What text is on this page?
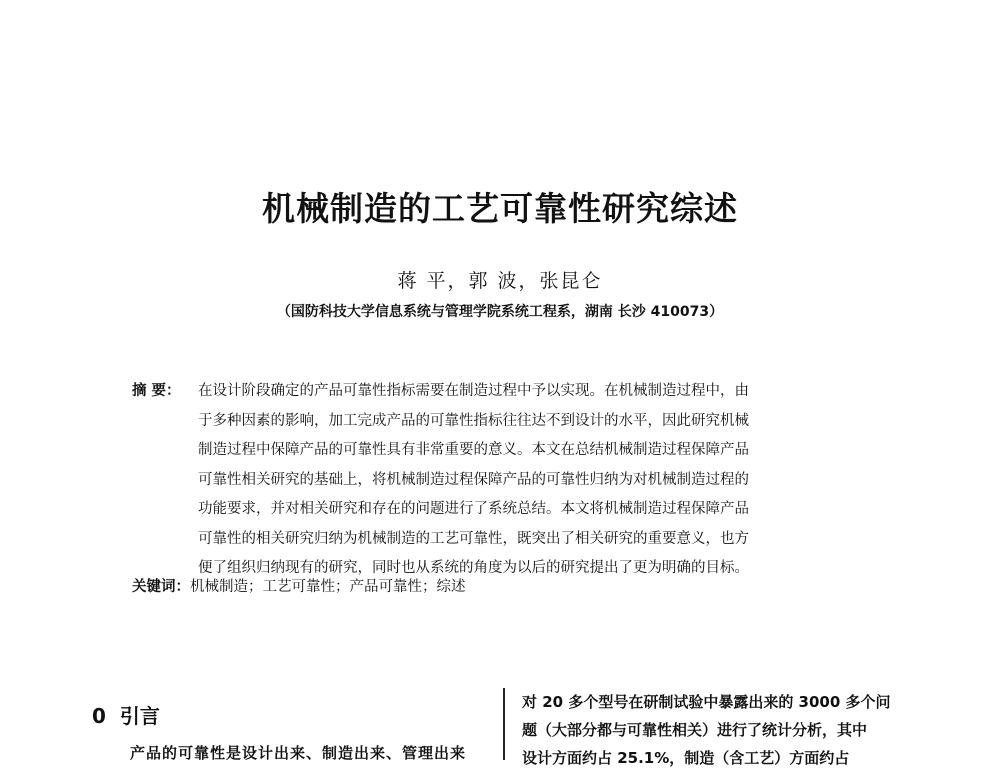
机械制造的工艺可靠性研究综述
蒋 平，郭 波，张昆仑
（国防科技大学信息系统与管理学院系统工程系，湖南 长沙 410073）
摘 要：	在设计阶段确定的产品可靠性指标需要在制造过程中予以实现。在机械制造过程中，由
于多种因素的影响，加工完成产品的可靠性指标往往达不到设计的水平，因此研究机械
制造过程中保障产品的可靠性具有非常重要的意义。本文在总结机械制造过程保障产品
可靠性相关研究的基础上，将机械制造过程保障产品的可靠性归纳为对机械制造过程的
功能要求，并对相关研究和存在的问题进行了系统总结。本文将机械制造过程保障产品
可靠性的相关研究归纳为机械制造的工艺可靠性，既突出了相关研究的重要意义，也方
便了组织归纳现有的研究，同时也从系统的角度为以后的研究提出了更为明确的目标。
关键词：机械制造；工艺可靠性；产品可靠性；综述
0 引言
产品的可靠性是设计出来、制造出来、管理出来
对 20 多个型号在研制试验中暴露出来的 3000 多个问
题（大部分都与可靠性相关）进行了统计分析，其中
设计方面约占 25.1%，制造（含工艺）方面约占
